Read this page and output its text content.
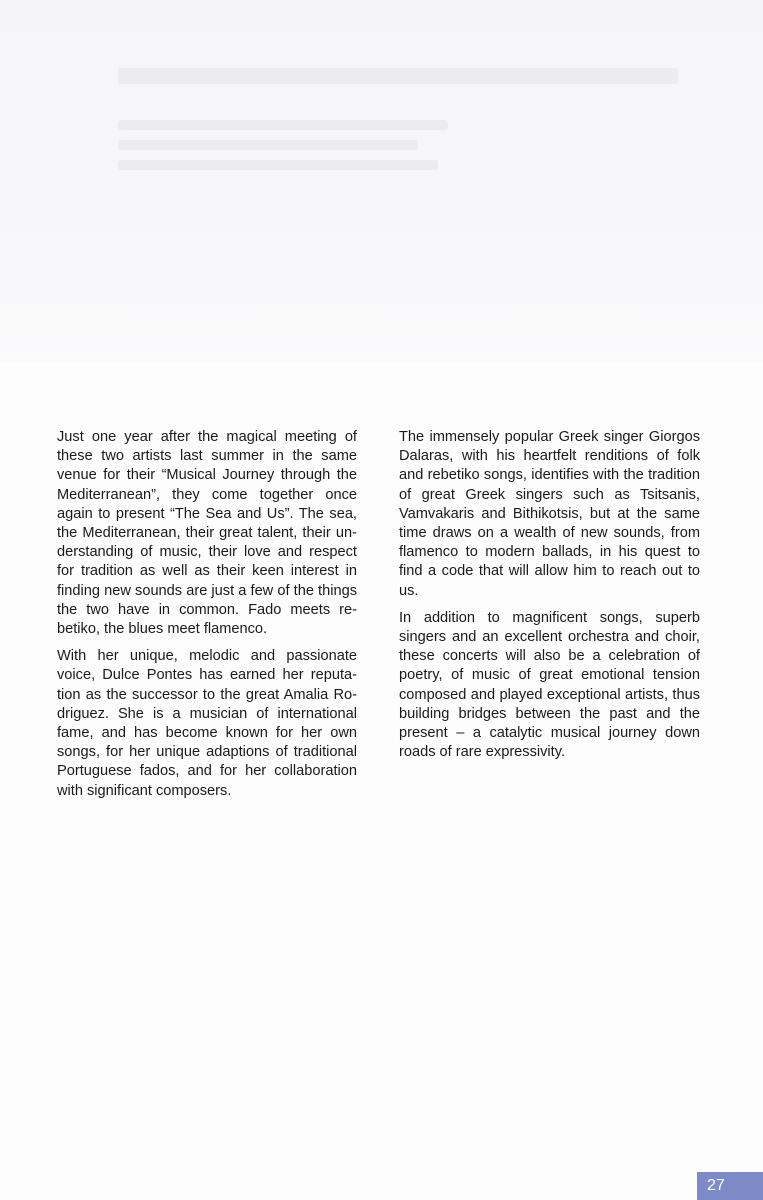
Just one year after the magical meeting of these two artists last summer in the same venue for their “Musical Journey through the Mediterranean”, they come together once again to present “The Sea and Us”. The sea, the Mediterranean, their great talent, their understanding of music, their love and respect for tradition as well as their keen interest in finding new sounds are just a few of the things the two have in common. Fado meets rebetiko, the blues meet flamenco.

With her unique, melodic and passionate voice, Dulce Pontes has earned her reputation as the successor to the great Amalia Rodriguez. She is a musician of international fame, and has become known for her own songs, for her unique adaptions of traditional Portuguese fados, and for her collaboration with significant composers.

The immensely popular Greek singer Giorgos Dalaras, with his heartfelt renditions of folk and rebetiko songs, identifies with the tradition of great Greek singers such as Tsitsanis, Vamvakaris and Bithikotsis, but at the same time draws on a wealth of new sounds, from flamenco to modern ballads, in his quest to find a code that will allow him to reach out to us.

In addition to magnificent songs, superb singers and an excellent orchestra and choir, these concerts will also be a celebration of poetry, of music of great emotional tension composed and played exceptional artists, thus building bridges between the past and the present – a catalytic musical journey down roads of rare expressivity.

27
